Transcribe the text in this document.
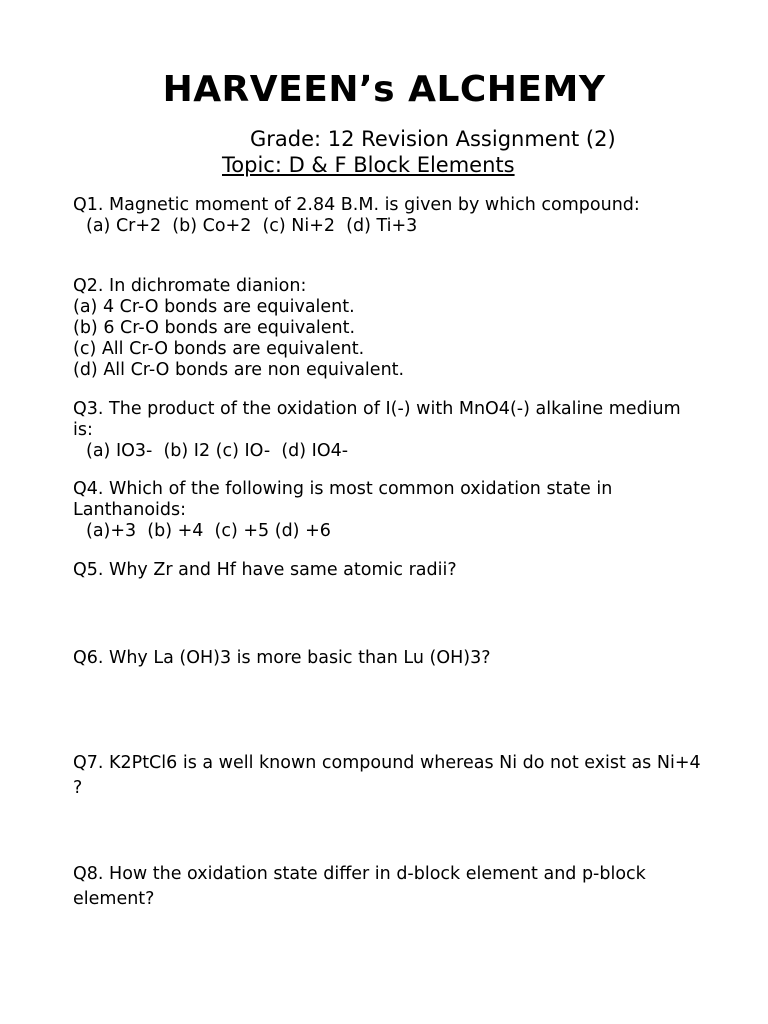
HARVEEN’s ALCHEMY
Grade: 12 Revision Assignment (2)
Topic: D & F Block Elements
Q1. Magnetic moment of 2.84 B.M. is given by which compound:
(a) Cr+2  (b) Co+2  (c) Ni+2  (d) Ti+3
Q2. In dichromate dianion:
(a) 4 Cr-O bonds are equivalent.
(b) 6 Cr-O bonds are equivalent.
(c) All Cr-O bonds are equivalent.
(d) All Cr-O bonds are non equivalent.
Q3. The product of the oxidation of I(-) with MnO4(-) alkaline medium is:
(a) IO3-  (b) I2 (c) IO-  (d) IO4-
Q4. Which of the following is most common oxidation state in Lanthanoids:
(a)+3  (b) +4  (c) +5 (d) +6
Q5. Why Zr and Hf have same atomic radii?
Q6. Why La (OH)3 is more basic than Lu (OH)3?
Q7. K2PtCl6 is a well known compound whereas Ni do not exist as Ni+4 ?
Q8. How the oxidation state differ in d-block element and p-block element?
